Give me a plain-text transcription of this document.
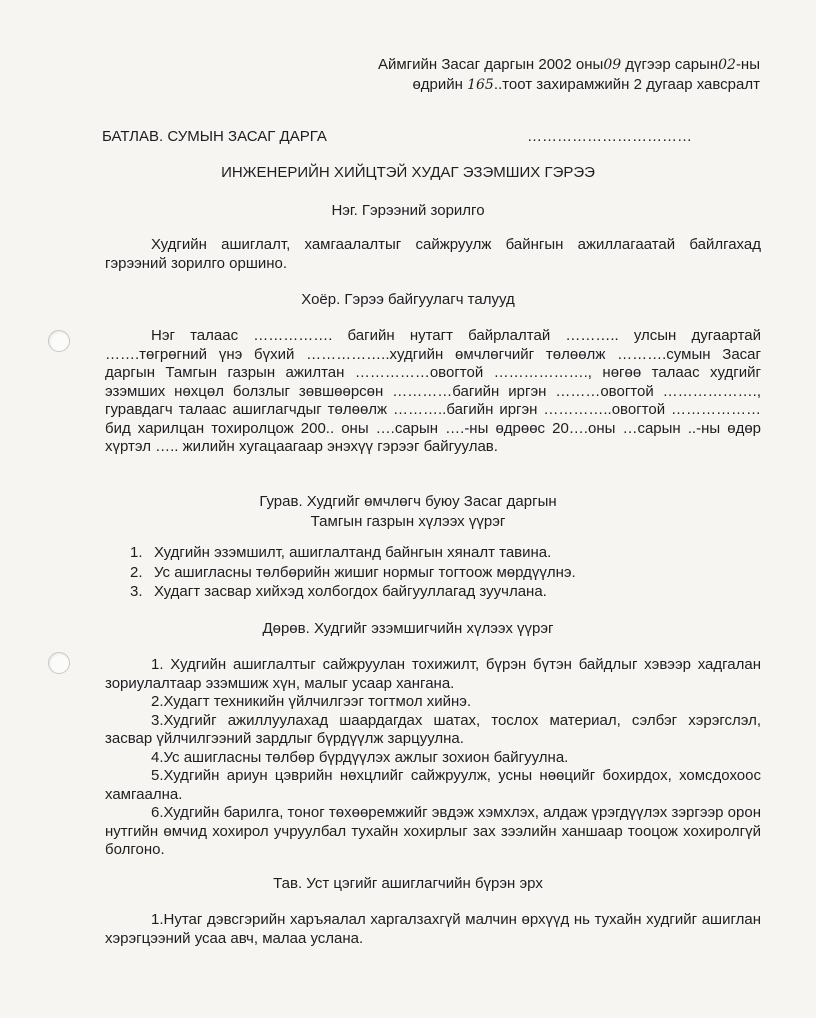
Аймгийн Засаг даргын 2002 оны09 дүгээр сарын02-ны
өдрийн 165..тоот захирамжийн 2 дугаар хавсралт
БАТЛАВ. СУМЫН ЗАСАГ ДАРГА	……………………………
ИНЖЕНЕРИЙН ХИЙЦТЭЙ ХУДАГ ЭЗЭМШИХ ГЭРЭЭ
Нэг. Гэрээний зорилго
Худгийн ашиглалт, хамгаалалтыг сайжруулж байнгын ажиллагаатай байлгахад гэрээний зорилго оршино.
Хоёр. Гэрээ байгуулагч талууд
Нэг талаас ……………. багийн нутагт байрлалтай ……….. улсын дугаартай …….төгрөгний үнэ бүхий ……………..худгийн өмчлөгчийг төлөөлж ……….сумын Засаг даргын Тамгын газрын ажилтан ……………овогтой ………………., нөгөө талаас худгийг эзэмших нөхцөл болзлыг зөвшөөрсөн …………багийн иргэн ………овогтой ………………., гуравдагч талаас ашиглагчдыг төлөөлж ………..багийн иргэн …………..овогтой ……………… бид харилцан тохиролцож 200.. оны ….сарын ….-ны өдрөөс 20….оны …сарын ..-ны өдөр хүртэл ….. жилийн хугацаагаар энэхүү гэрээг байгуулав.
Гурав. Худгийг өмчлөгч буюу Засаг даргын
Тамгын газрын хүлээх үүрэг
1. Худгийн эзэмшилт, ашиглалтанд байнгын хяналт тавина.
2. Ус ашигласны төлбөрийн жишиг нормыг тогтоож мөрдүүлнэ.
3. Худагт засвар хийхэд холбогдох байгууллагад зуучлана.
Дөрөв. Худгийг эзэмшигчийн хүлээх үүрэг

1. Худгийн ашиглалтыг сайжруулан тохижилт, бүрэн бүтэн байдлыг хэвээр хадгалан зориулалтаар эзэмшиж хүн, малыг усаар хангана.

2.Худагт техникийн үйлчилгээг тогтмол хийнэ.

3.Худгийг ажиллуулахад шаардагдах шатах, тослох материал, сэлбэг хэрэгслэл, засвар үйлчилгээний зардлыг бүрдүүлж зарцуулна.

4.Ус ашигласны төлбөр бүрдүүлэх ажлыг зохион байгуулна.

5.Худгийн ариун цэврийн нөхцлийг сайжруулж, усны нөөцийг бохирдох, хомсдохоос хамгаална.

6.Худгийн барилга, тоног төхөөремжийг эвдэж хэмхлэх, алдаж үрэгдүүлэх зэргээр орон нутгийн өмчид хохирол учруулбал тухайн хохирлыг зах зээлийн ханшаар тооцож хохиролгүй болгоно.

Тав. Уст цэгийг ашиглагчийн бүрэн эрх
1.Нутаг дэвсгэрийн харъяалал харгалзахгүй малчин өрхүүд нь тухайн худгийг ашиглан хэрэгцээний усаа авч, малаа услана.
